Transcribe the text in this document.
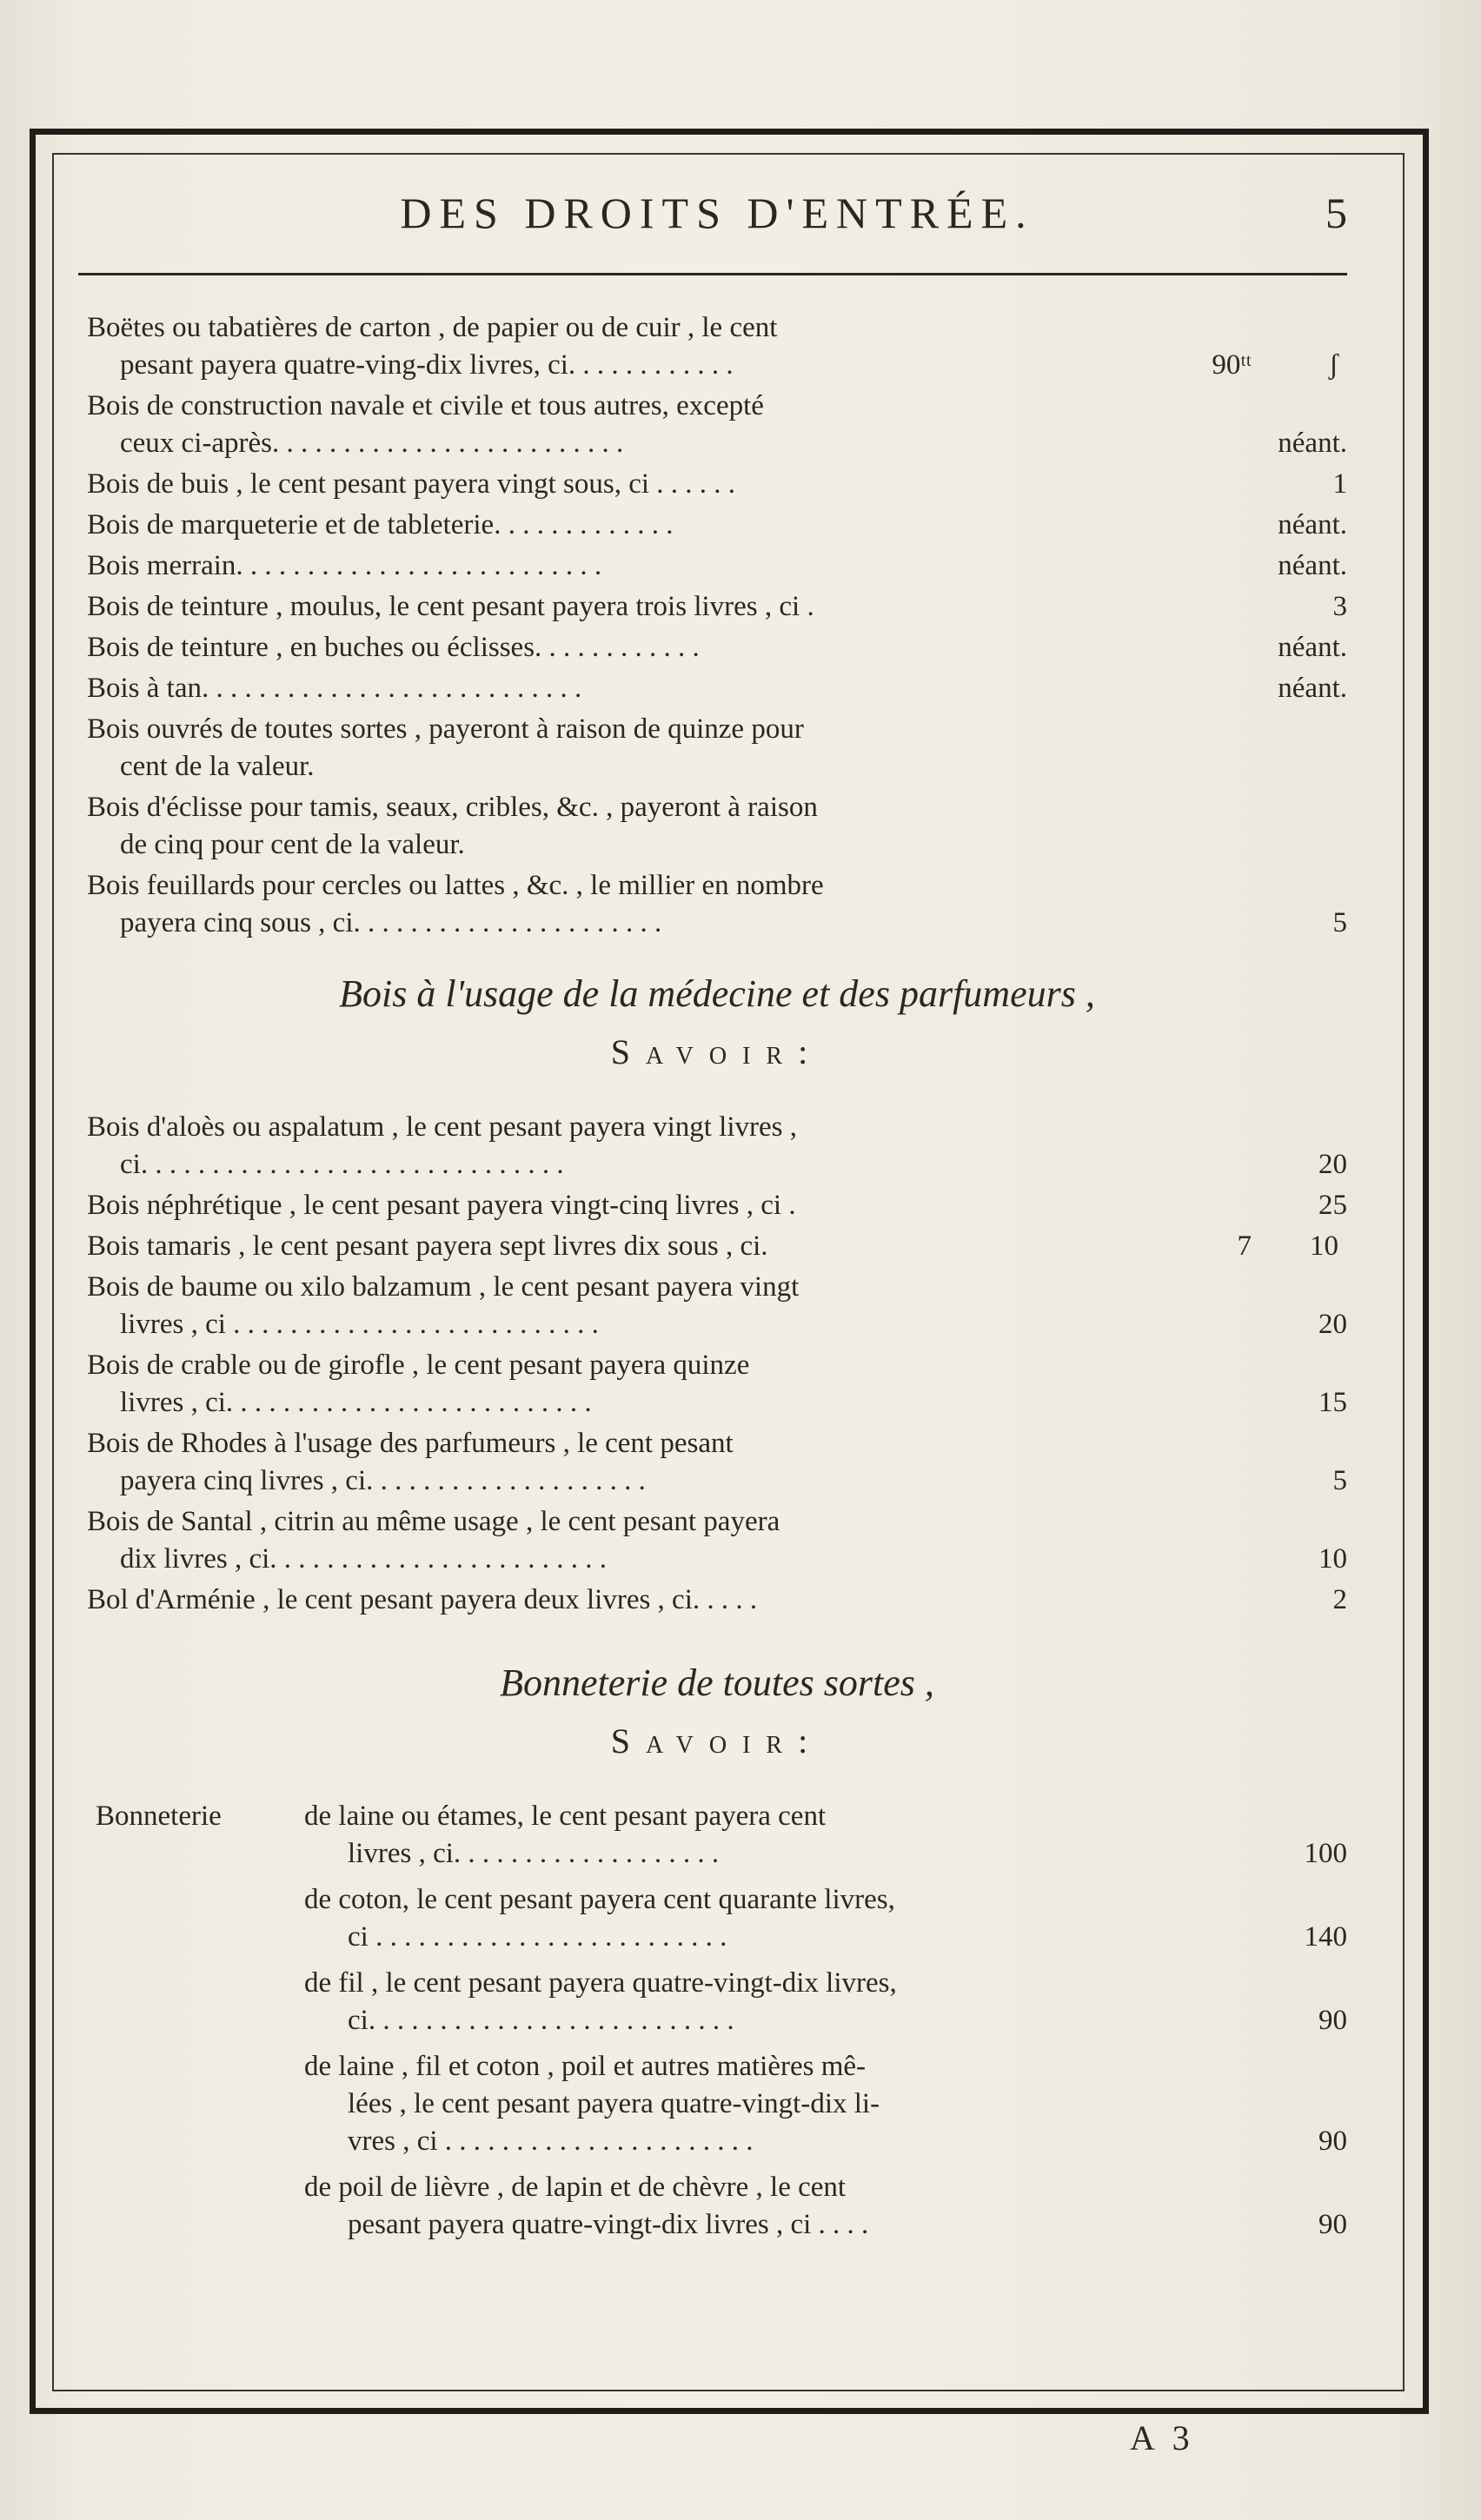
DES DROITS D'ENTRÉE.	5
Boëtes ou tabatières de carton , de papier ou de cuir , le cent
pesant payera quatre-ving-dix livres, ci. . . . . . . . . . . .	90ᵗᵗ	ʃ
Bois de construction navale et civile et tous autres, excepté
ceux ci-après. . . . . . . . . . . . . . . . . . . . . . . . .	néant.
Bois de buis , le cent pesant payera vingt sous, ci . . . . . .	1
Bois de marqueterie et de tableterie. . . . . . . . . . . . .	néant.
Bois merrain. . . . . . . . . . . . . . . . . . . . . . . . . .	néant.
Bois de teinture , moulus, le cent pesant payera trois livres , ci .	3
Bois de teinture , en buches ou éclisses. . . . . . . . . . . .	néant.
Bois à tan. . . . . . . . . . . . . . . . . . . . . . . . . . .	néant.
Bois ouvrés de toutes sortes , payeront à raison de quinze pour
cent de la valeur.
Bois d'éclisse pour tamis, seaux, cribles, &c. , payeront à raison
de cinq pour cent de la valeur.
Bois feuillards pour cercles ou lattes , &c. , le millier en nombre
payera cinq sous , ci. . . . . . . . . . . . . . . . . . . . . .	5
Bois à l'usage de la médecine et des parfumeurs ,
Savoir:
Bois d'aloès ou aspalatum , le cent pesant payera vingt livres ,
ci. . . . . . . . . . . . . . . . . . . . . . . . . . . . . .	20
Bois néphrétique , le cent pesant payera vingt-cinq livres , ci .	25
Bois tamaris , le cent pesant payera sept livres dix sous , ci.	7 10
Bois de baume ou xilo balzamum , le cent pesant payera vingt
livres , ci . . . . . . . . . . . . . . . . . . . . . . . . . .	20
Bois de crable ou de girofle , le cent pesant payera quinze
livres , ci. . . . . . . . . . . . . . . . . . . . . . . . . .	15
Bois de Rhodes à l'usage des parfumeurs , le cent pesant
payera cinq livres , ci. . . . . . . . . . . . . . . . . . . .	5
Bois de Santal , citrin au même usage , le cent pesant payera
dix livres , ci. . . . . . . . . . . . . . . . . . . . . . . .	10
Bol d'Arménie , le cent pesant payera deux livres , ci. . . . .	2
Bonneterie de toutes sortes ,
Savoir:
Bonneterie	de laine ou étames, le cent pesant payera cent
livres , ci. . . . . . . . . . . . . . . . . . .	100
de coton, le cent pesant payera cent quarante livres,
ci . . . . . . . . . . . . . . . . . . . . . . . . .	140
de fil , le cent pesant payera quatre-vingt-dix livres,
ci. . . . . . . . . . . . . . . . . . . . . . . . . .	90
de laine , fil et coton , poil et autres matières mê-
lées , le cent pesant payera quatre-vingt-dix li-
vres , ci . . . . . . . . . . . . . . . . . . . . . .	90
de poil de lièvre , de lapin et de chèvre , le cent
pesant payera quatre-vingt-dix livres , ci . . . .	90
A 3
